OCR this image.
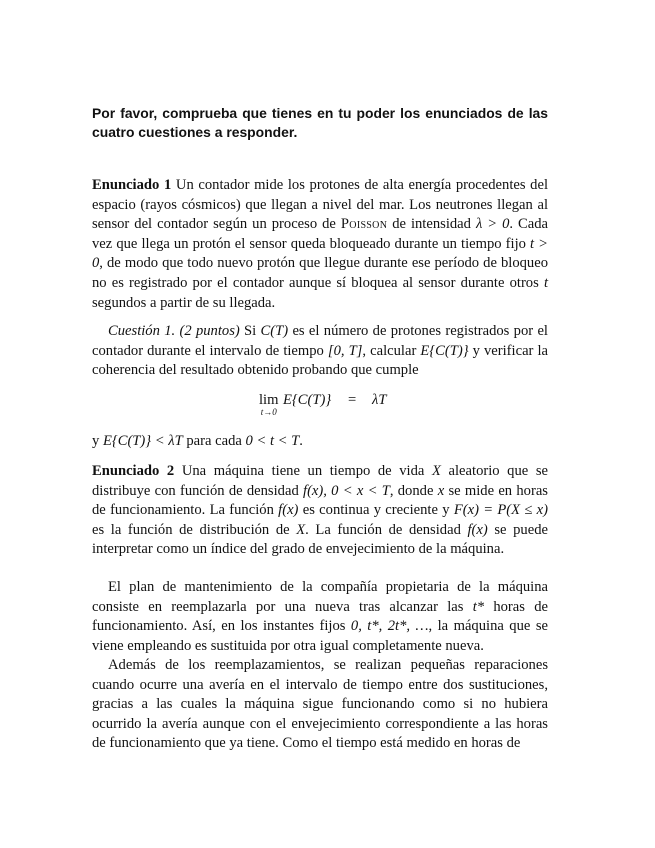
Por favor, comprueba que tienes en tu poder los enunciados de las cuatro cuestiones a responder.

Enunciado 1 Un contador mide los protones de alta energía procedentes del espacio (rayos cósmicos) que llegan a nivel del mar. Los neutrones llegan al sensor del contador según un proceso de Poisson de intensidad λ > 0. Cada vez que llega un protón el sensor queda bloqueado durante un tiempo fijo t > 0, de modo que todo nuevo protón que llegue durante ese período de bloqueo no es registrado por el contador aunque sí bloquea al sensor durante otros t segundos a partir de su llegada.

Cuestión 1. (2 puntos) Si C(T) es el número de protones registrados por el contador durante el intervalo de tiempo [0, T], calcular E{C(T)} y verificar la coherencia del resultado obtenido probando que cumple

lim
t→0
E{C(T)} = λT

y E{C(T)} < λT para cada 0 < t < T.

Enunciado 2 Una máquina tiene un tiempo de vida X aleatorio que se distribuye con función de densidad f(x), 0 < x < T, donde x se mide en horas de funcionamiento. La función f(x) es continua y creciente y F(x) = P(X ≤ x) es la función de distribución de X. La función de densidad f(x) se puede interpretar como un índice del grado de envejecimiento de la máquina.

El plan de mantenimiento de la compañía propietaria de la máquina consiste en reemplazarla por una nueva tras alcanzar las t* horas de funcionamiento. Así, en los instantes fijos 0, t*, 2t*, …, la máquina que se viene empleando es sustituida por otra igual completamente nueva.

Además de los reemplazamientos, se realizan pequeñas reparaciones cuando ocurre una avería en el intervalo de tiempo entre dos sustituciones, gracias a las cuales la máquina sigue funcionando como si no hubiera ocurrido la avería aunque con el envejecimiento correspondiente a las horas de funcionamiento que ya tiene. Como el tiempo está medido en horas de
